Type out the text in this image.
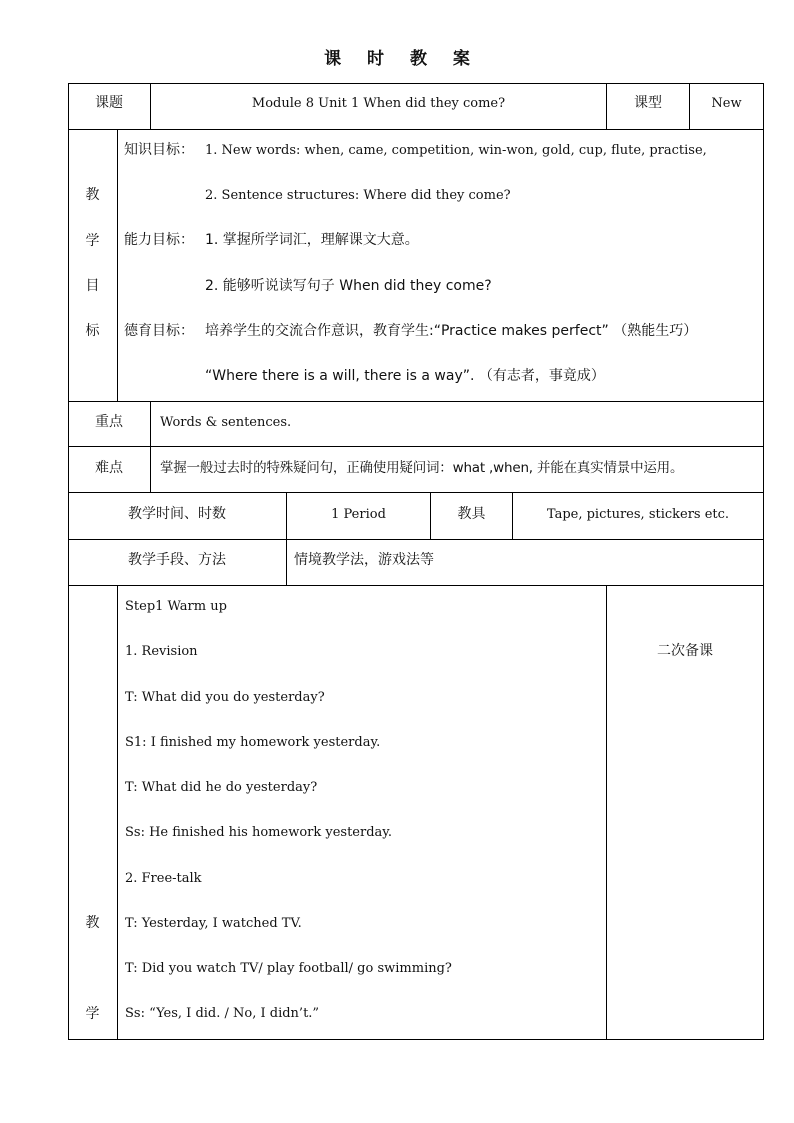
课 时 教 案
课题	Module 8 Unit 1 When did they come?	课型	New
教
学
目
标
知识目标： 1. New words: when, came, competition, win-won, gold, cup, flute, practise,
2. Sentence structures: Where did they come?
能力目标： 1. 掌握所学词汇，理解课文大意。
2. 能够听说读写句子 When did they come?
德育目标： 培养学生的交流合作意识，教育学生:“Practice makes perfect” （熟能生巧）
“Where there is a will, there is a way”. （有志者，事竟成）
重点	Words & sentences.
难点	掌握一般过去时的特殊疑问句，正确使用疑问词：what ,when, 并能在真实情景中运用。
教学时间、时数	1 Period	教具	Tape, pictures, stickers etc.
教学手段、方法	情境教学法，游戏法等
教
学
Step1 Warm up
1. Revision
T: What did you do yesterday?
S1: I finished my homework yesterday.
T: What did he do yesterday?
Ss: He finished his homework yesterday.
2. Free-talk
T: Yesterday, I watched TV.
T: Did you watch TV/ play football/ go swimming?
Ss: “Yes, I did. / No, I didn’t.”
二次备课
